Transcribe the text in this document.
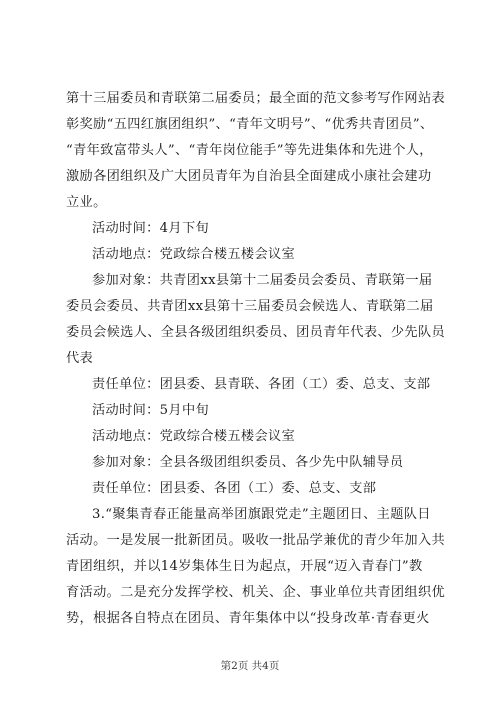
第十三届委员和青联第二届委员；最全面的范文参考写作网站表
彰奖励“五四红旗团组织”、“青年文明号”、“优秀共青团员”、
“青年致富带头人”、“青年岗位能手”等先进集体和先进个人，
激励各团组织及广大团员青年为自治县全面建成小康社会建功
立业。
活动时间：4月下旬
活动地点：党政综合楼五楼会议室
参加对象：共青团xx县第十二届委员会委员、青联第一届
委员会委员、共青团xx县第十三届委员会候选人、青联第二届
委员会候选人、全县各级团组织委员、团员青年代表、少先队员
代表
责任单位：团县委、县青联、各团（工）委、总支、支部
活动时间：5月中旬
活动地点：党政综合楼五楼会议室
参加对象：全县各级团组织委员、各少先中队辅导员
责任单位：团县委、各团（工）委、总支、支部
3.“聚集青春正能量高举团旗跟党走”主题团日、主题队日
活动。一是发展一批新团员。吸收一批品学兼优的青少年加入共
青团组织，并以14岁集体生日为起点，开展“迈入青春门”教
育活动。二是充分发挥学校、机关、企、事业单位共青团组织优
势，根据各自特点在团员、青年集体中以“投身改革·青春更火
第2页 共4页
